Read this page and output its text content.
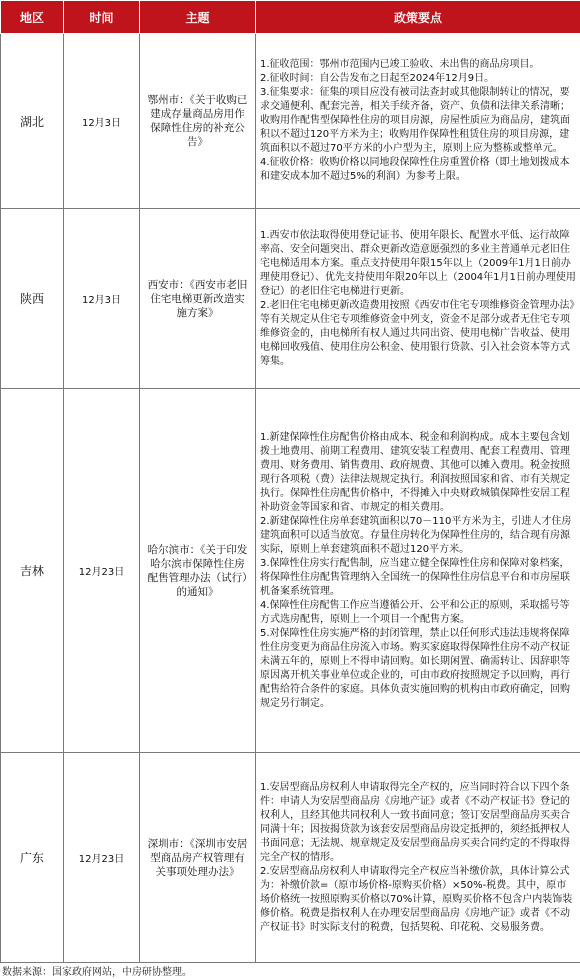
地区	时间	主题	政策要点
湖北	12月3日	鄂州市：《关于收购已建成存量商品房用作保障性住房的补充公告》	1.征收范围：鄂州市范围内已竣工验收、未出售的商品房项目。

2.征收时间：自公告发布之日起至2024年12月9日。

3.征集要求：征集的项目应没有被司法查封或其他限制转让的情况，要求交通便利、配套完善，相关手续齐备，资产、负债和法律关系清晰；收购用作配售型保障性住房的项目房源，房屋性质应为商品房，建筑面积以不超过120平方米为主；收购用作保障性租赁住房的项目房源，建筑面积以不超过70平方米的小户型为主，原则上应为整栋或整单元。

4.征收价格：收购价格以同地段保障性住房重置价格（即土地划拨成本和建安成本加不超过5%的利润）为参考上限。

陕西	12月3日	西安市：《西安市老旧住宅电梯更新改造实施方案》	1.西安市依法取得使用登记证书、使用年限长、配置水平低、运行故障率高、安全问题突出、群众更新改造意愿强烈的多业主普通单元老旧住宅电梯适用本方案。重点支持使用年限15年以上（2009年1月1日前办理使用登记）、优先支持使用年限20年以上（2004年1月1日前办理使用登记）的老旧住宅电梯进行更新。

2.老旧住宅电梯更新改造费用按照《西安市住宅专项维修资金管理办法》等有关规定从住宅专项维修资金中列支，资金不足部分或者无住宅专项维修资金的，由电梯所有权人通过共同出资、使用电梯广告收益、使用电梯回收残值、使用住房公积金、使用银行贷款、引入社会资本等方式筹集。

吉林	12月23日	哈尔滨市：《关于印发哈尔滨市保障性住房配售管理办法（试行）的通知》	1.新建保障性住房配售价格由成本、税金和利润构成。成本主要包含划拨土地费用、前期工程费用、建筑安装工程费用、配套工程费用、管理费用、财务费用、销售费用、政府规费、其他可以摊入费用。税金按照现行各项税（费）法律法规规定执行。利润按照国家和省、市有关规定执行。保障性住房配售价格中，不得摊入中央财政城镇保障性安居工程补助资金等国家和省、市规定的相关费用。

2.新建保障性住房单套建筑面积以70－110平方米为主，引进人才住房建筑面积可以适当放宽。存量住房转化为保障性住房的，结合现有房源实际，原则上单套建筑面积不超过120平方米。

3.保障性住房实行配售制，应当建立健全保障性住房和保障对象档案，将保障性住房配售管理纳入全国统一的保障性住房信息平台和市房屋联机备案系统管理。

4.保障性住房配售工作应当遵循公开、公平和公正的原则，采取摇号等方式选房配售，原则上一个项目一个配售方案。

5.对保障性住房实施严格的封闭管理，禁止以任何形式违法违规将保障性住房变更为商品住房流入市场。购买家庭取得保障性住房不动产权证未满五年的，原则上不得申请回购。如长期闲置、确需转让、因辞职等原因离开机关事业单位或企业的，可由市政府按照规定予以回购，再行配售给符合条件的家庭。具体负责实施回购的机构由市政府确定，回购规定另行制定。

广东	12月23日	深圳市：《深圳市安居型商品房产权管理有关事项处理办法》	1.安居型商品房权利人申请取得完全产权的，应当同时符合以下四个条件：申请人为安居型商品房《房地产证》或者《不动产权证书》登记的权利人，且经其他共同权利人一致书面同意；签订安居型商品房买卖合同满十年；因按揭贷款为该套安居型商品房设定抵押的，须经抵押权人书面同意；无法规、规章规定及安居型商品房买卖合同约定的不得取得完全产权的情形。

2.安居型商品房权利人申请取得完全产权应当补缴价款，具体计算公式为：补缴价款=（原市场价格-原购买价格）×50%-税费。其中，原市场价格统一按照原购买价格以70%计算，原购买价格不包含户内装饰装修价格。税费是指权利人在办理安居型商品房《房地产证》或者《不动产权证书》时实际支付的税费，包括契税、印花税、交易服务费。

数据来源：国家政府网站，中房研协整理。
